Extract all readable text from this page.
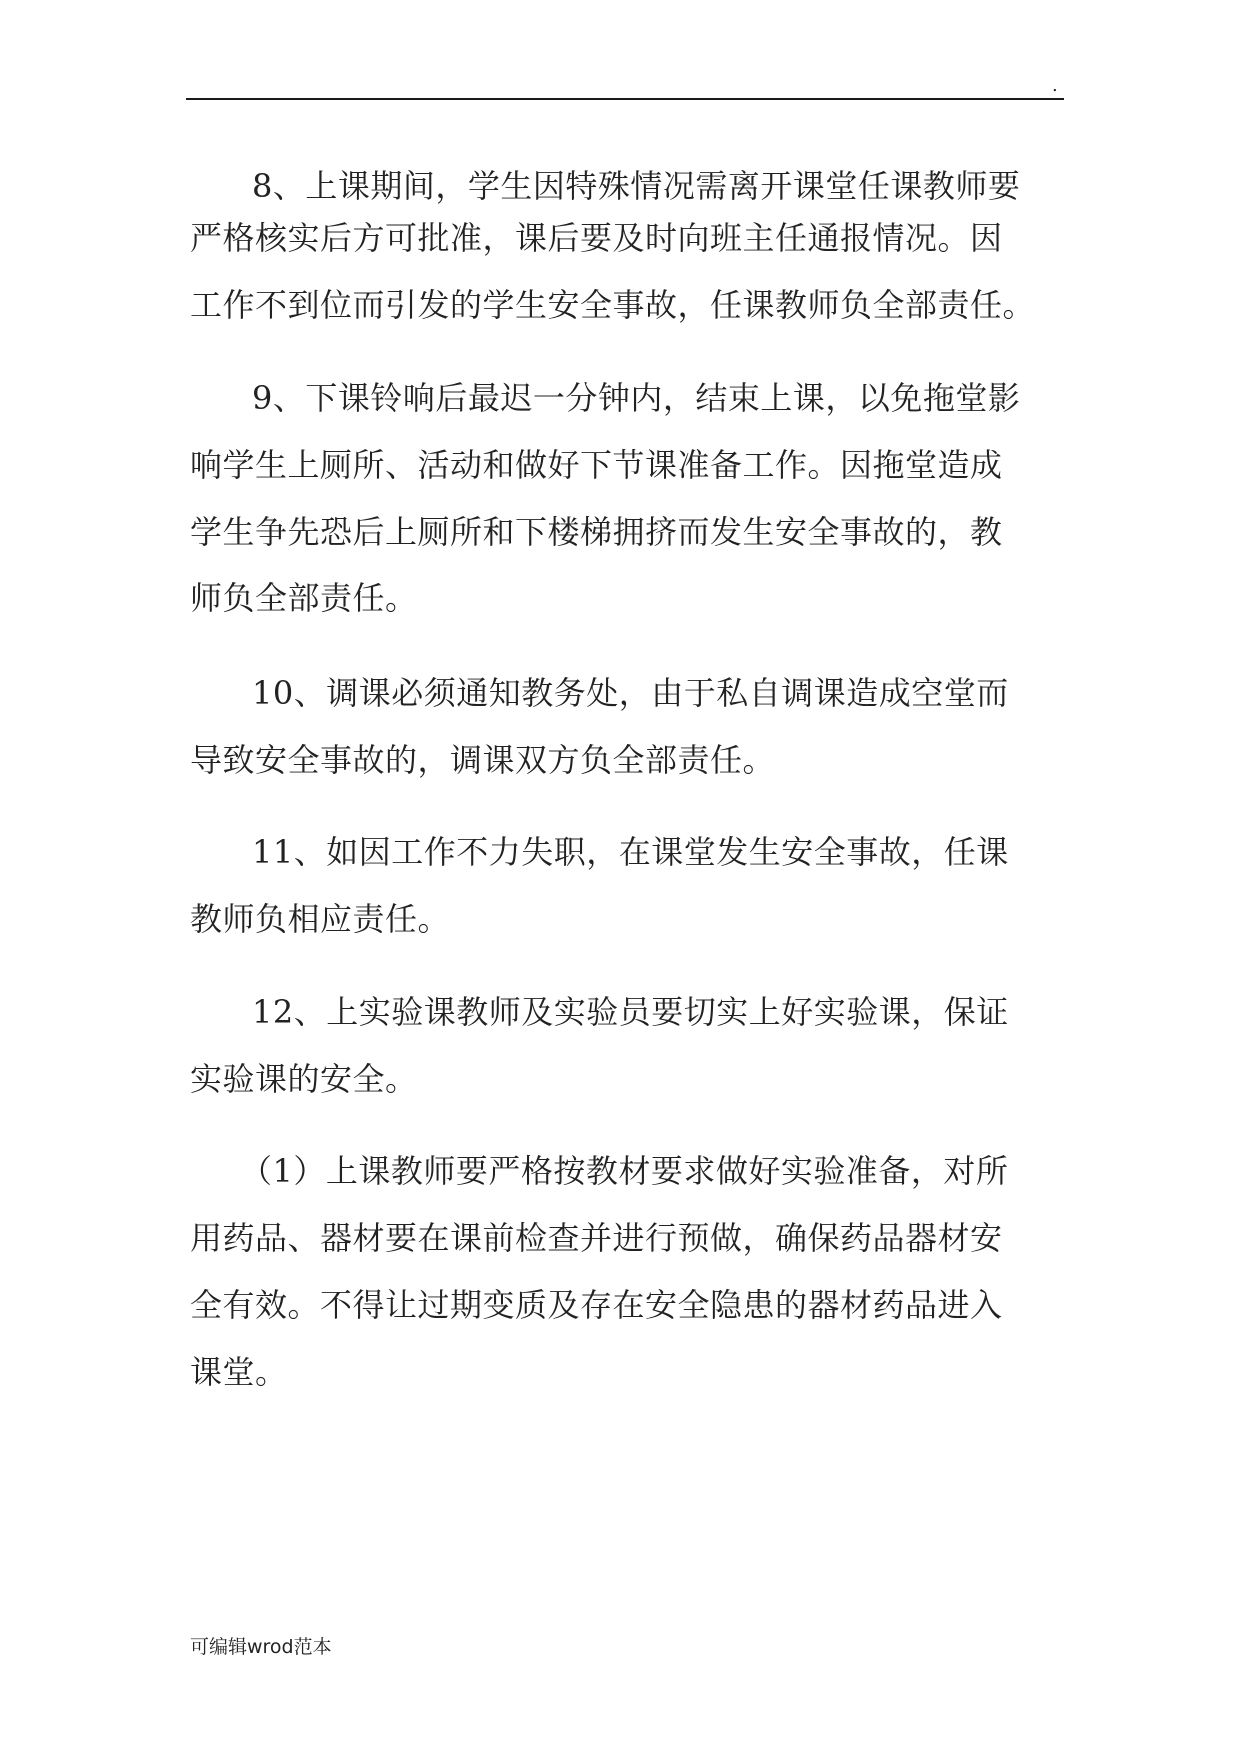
.
8、上课期间，学生因特殊情况需离开课堂任课教师要
严格核实后方可批准，课后要及时向班主任通报情况。因
工作不到位而引发的学生安全事故，任课教师负全部责任。
9、下课铃响后最迟一分钟内，结束上课，以免拖堂影
响学生上厕所、活动和做好下节课准备工作。因拖堂造成
学生争先恐后上厕所和下楼梯拥挤而发生安全事故的，教
师负全部责任。
10、调课必须通知教务处，由于私自调课造成空堂而
导致安全事故的，调课双方负全部责任。
11、如因工作不力失职，在课堂发生安全事故，任课
教师负相应责任。
12、上实验课教师及实验员要切实上好实验课，保证
实验课的安全。
（1）上课教师要严格按教材要求做好实验准备，对所
用药品、器材要在课前检查并进行预做，确保药品器材安
全有效。不得让过期变质及存在安全隐患的器材药品进入
课堂。
可编辑wrod范本
